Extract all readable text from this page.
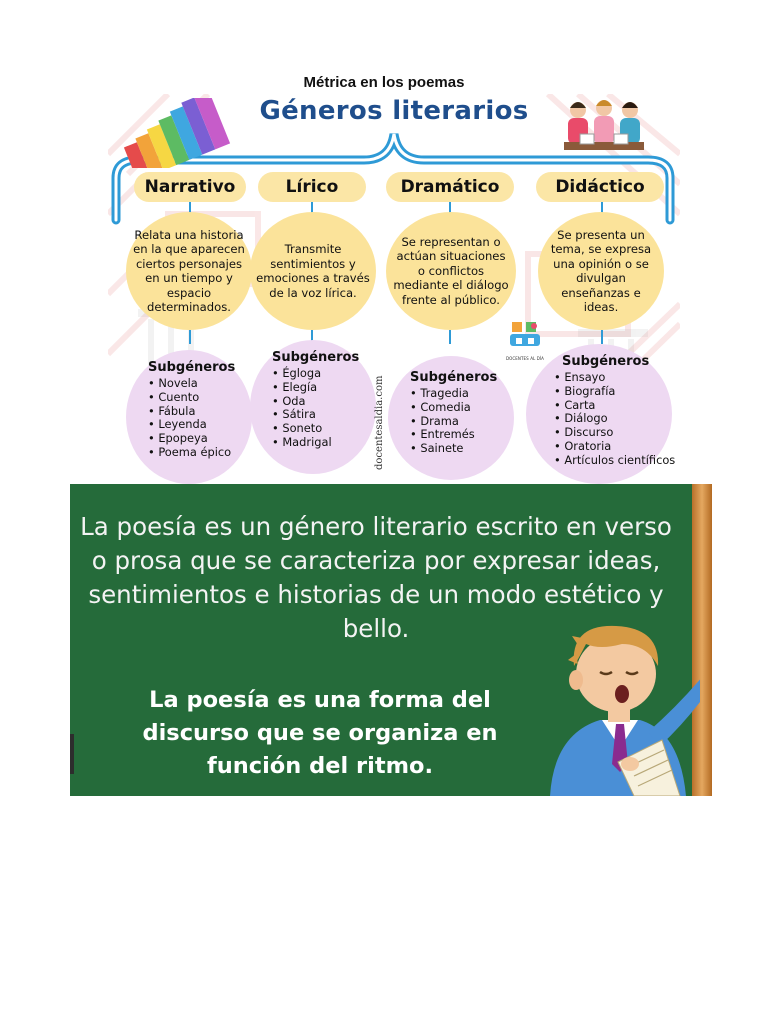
Métrica en los poemas
Géneros literarios
Narrativo	Lírico	Dramático	Didáctico
Relata una historia en la que aparecen ciertos personajes en un tiempo y espacio determinados.
Transmite sentimientos y emociones a través de la voz lírica.
Se representan o actúan situaciones o conflictos mediante el diálogo frente al público.
Se presenta un tema, se expresa una opinión o se divulgan enseñanzas e ideas.
Subgéneros
• Novela
• Cuento
• Fábula
• Leyenda
• Epopeya
• Poema épico
Subgéneros
• Égloga
• Elegía
• Oda
• Sátira
• Soneto
• Madrigal
Subgéneros
• Tragedia
• Comedia
• Drama
• Entremés
• Sainete
Subgéneros
• Ensayo
• Biografía
• Carta
• Diálogo
• Discurso
• Oratoria
• Artículos científicos
docentesaldia.com
DOCENTES AL DÍA
La poesía es un género literario escrito en verso o prosa que se caracteriza por expresar ideas, sentimientos e historias de un modo estético y bello.
La poesía es una forma del discurso que se organiza en función del ritmo.
